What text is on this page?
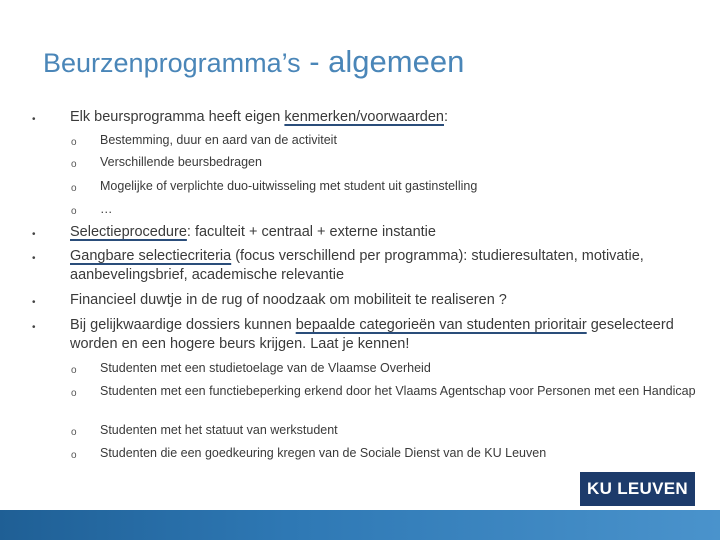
Beurzenprogramma’s - algemeen
• Elk beursprogramma heeft eigen kenmerken/voorwaarden:
o Bestemming, duur en aard van de activiteit
o Verschillende beursbedragen
o Mogelijke of verplichte duo-uitwisseling met student uit gastinstelling
o …
• Selectieprocedure: faculteit + centraal + externe instantie
• Gangbare selectiecriteria (focus verschillend per programma): studieresultaten, motivatie, aanbevelingsbrief, academische relevantie
• Financieel duwtje in de rug of noodzaak om mobiliteit te realiseren ?
• Bij gelijkwaardige dossiers kunnen bepaalde categorieën van studenten prioritair geselecteerd worden en een hogere beurs krijgen. Laat je kennen!
o Studenten met een studietoelage van de Vlaamse Overheid
o Studenten met een functiebeperking erkend door het Vlaams Agentschap voor Personen met een Handicap
o Studenten met het statuut van werkstudent
o Studenten die een goedkeuring kregen van de Sociale Dienst van de KU Leuven
KU LEUVEN
